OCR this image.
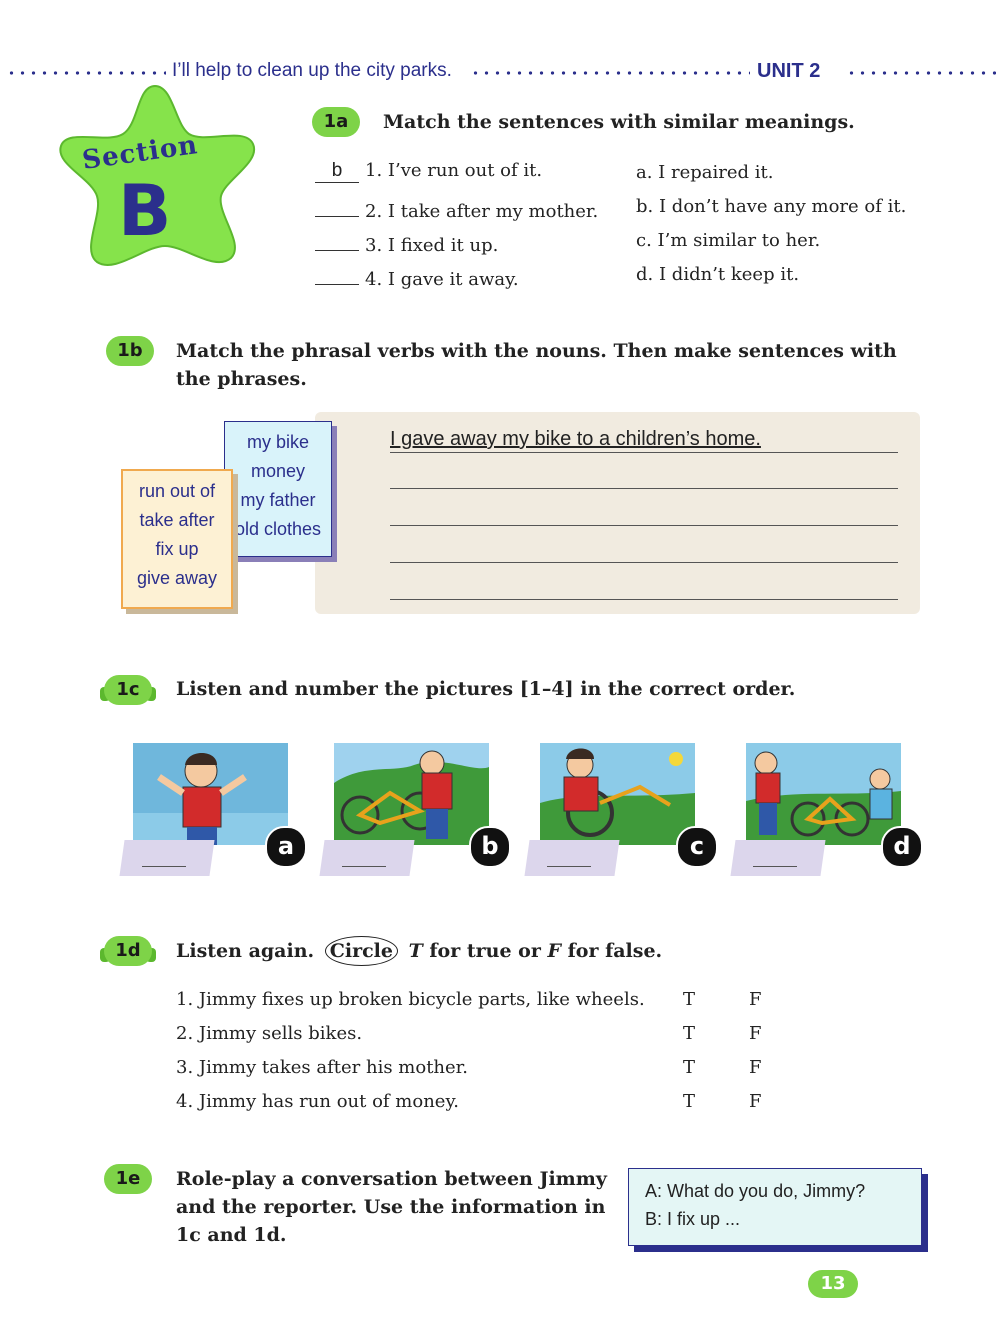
I’ll help to clean up the city parks.	UNIT 2
Section
B
1a	Match the sentences with similar meanings.
b 1. I’ve run out of it.
2. I take after my mother.
3. I fixed it up.
4. I gave it away.
a. I repaired it.
b. I don’t have any more of it.
c. I’m similar to her.
d. I didn’t keep it.
1b	Match the phrasal verbs with the nouns. Then make sentences with the phrases.
I gave away my bike to a children’s home.
my bike
money
my father
old clothes
run out of
take after
fix up
give away
1c	Listen and number the pictures [1–4] in the correct order.
a	b	c	d
1d	Listen again. Circle T for true or F for false.
1. Jimmy fixes up broken bicycle parts, like wheels. T	F
2. Jimmy sells bikes.	T	F
3. Jimmy takes after his mother.	T	F
4. Jimmy has run out of money.	T	F
1e	Role-play a conversation between Jimmy
and the reporter. Use the information in
1c and 1d.
A: What do you do, Jimmy?
B: I fix up ...
13
